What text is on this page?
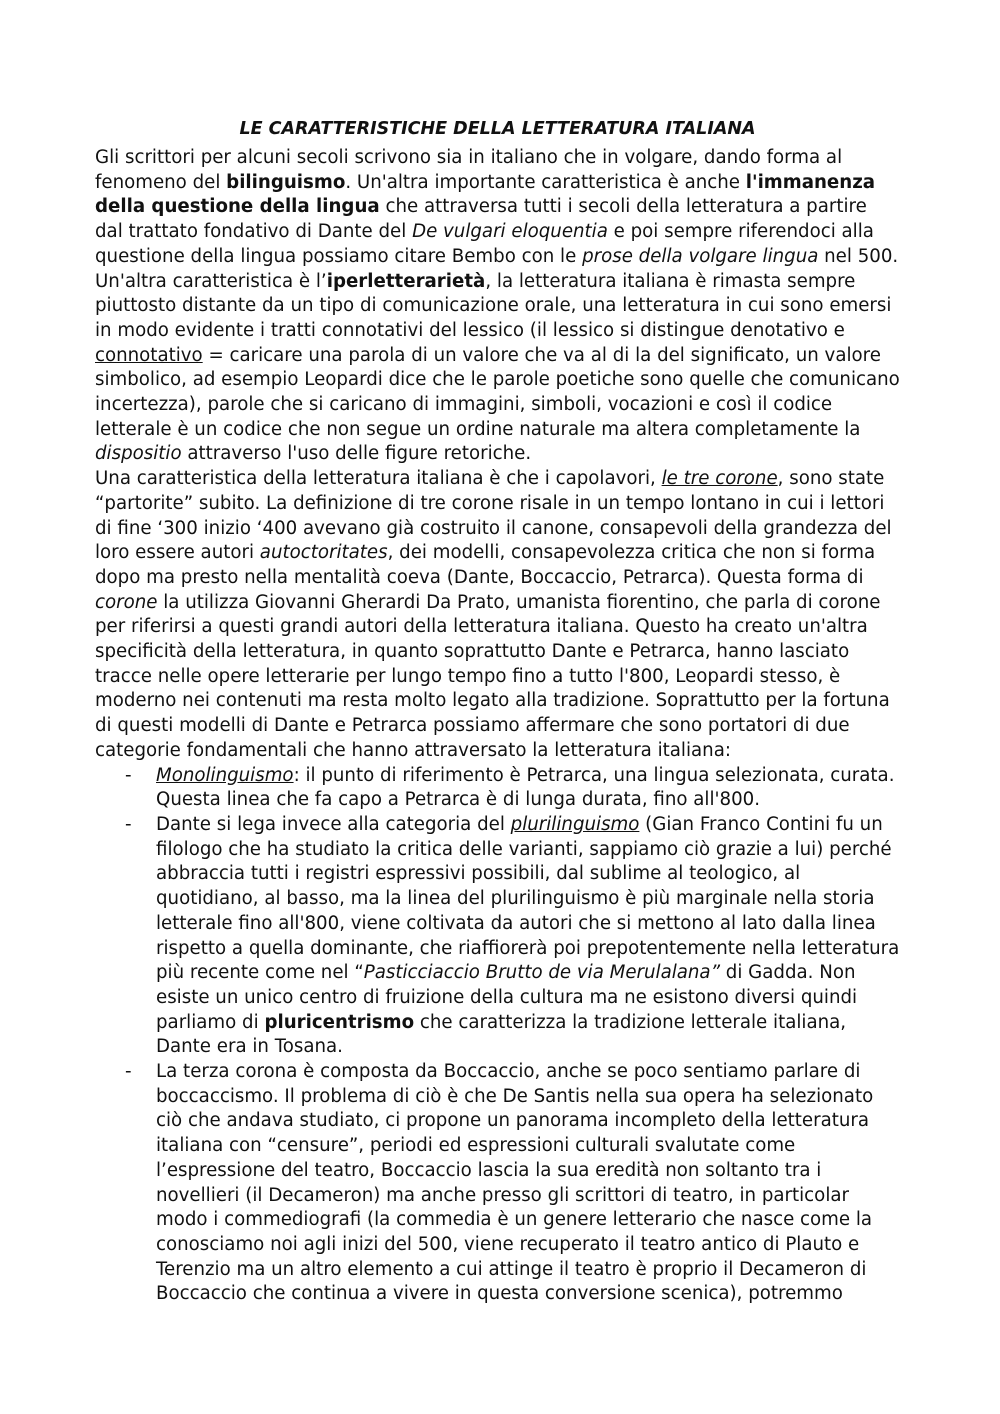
LE CARATTERISTICHE DELLA LETTERATURA ITALIANA

Gli scrittori per alcuni secoli scrivono sia in italiano che in volgare, dando forma al fenomeno del bilinguismo. Un'altra importante caratteristica è anche l'immanenza della questione della lingua che attraversa tutti i secoli della letteratura a partire dal trattato fondativo di Dante del De vulgari eloquentia e poi sempre riferendoci alla questione della lingua possiamo citare Bembo con le prose della volgare lingua nel 500. Un'altra caratteristica è l’iperletterarietà, la letteratura italiana è rimasta sempre piuttosto distante da un tipo di comunicazione orale, una letteratura in cui sono emersi in modo evidente i tratti connotativi del lessico (il lessico si distingue denotativo e connotativo = caricare una parola di un valore che va al di la del significato, un valore simbolico, ad esempio Leopardi dice che le parole poetiche sono quelle che comunicano incertezza), parole che si caricano di immagini, simboli, vocazioni e così il codice letterale è un codice che non segue un ordine naturale ma altera completamente la dispositio attraverso l'uso delle figure retoriche.

Una caratteristica della letteratura italiana è che i capolavori, le tre corone, sono state “partorite” subito. La definizione di tre corone risale in un tempo lontano in cui i lettori di fine ‘300 inizio ‘400 avevano già costruito il canone, consapevoli della grandezza del loro essere autori autoctoritates, dei modelli, consapevolezza critica che non si forma dopo ma presto nella mentalità coeva (Dante, Boccaccio, Petrarca). Questa forma di corone la utilizza Giovanni Gherardi Da Prato, umanista fiorentino, che parla di corone per riferirsi a questi grandi autori della letteratura italiana. Questo ha creato un'altra specificità della letteratura, in quanto soprattutto Dante e Petrarca, hanno lasciato tracce nelle opere letterarie per lungo tempo fino a tutto l'800, Leopardi stesso, è moderno nei contenuti ma resta molto legato alla tradizione. Soprattutto per la fortuna di questi modelli di Dante e Petrarca possiamo affermare che sono portatori di due categorie fondamentali che hanno attraversato la letteratura italiana:

- Monolinguismo: il punto di riferimento è Petrarca, una lingua selezionata, curata. Questa linea che fa capo a Petrarca è di lunga durata, fino all'800.
- Dante si lega invece alla categoria del plurilinguismo (Gian Franco Contini fu un filologo che ha studiato la critica delle varianti, sappiamo ciò grazie a lui) perché abbraccia tutti i registri espressivi possibili, dal sublime al teologico, al quotidiano, al basso, ma la linea del plurilinguismo è più marginale nella storia letterale fino all'800, viene coltivata da autori che si mettono al lato dalla linea rispetto a quella dominante, che riaffiorerà poi prepotentemente nella letteratura più recente come nel “Pasticciaccio Brutto de via Merulalana” di Gadda. Non esiste un unico centro di fruizione della cultura ma ne esistono diversi quindi parliamo di pluricentrismo che caratterizza la tradizione letterale italiana, Dante era in Tosana.
- La terza corona è composta da Boccaccio, anche se poco sentiamo parlare di boccaccismo. Il problema di ciò è che De Santis nella sua opera ha selezionato ciò che andava studiato, ci propone un panorama incompleto della letteratura italiana con “censure”, periodi ed espressioni culturali svalutate come l’espressione del teatro, Boccaccio lascia la sua eredità non soltanto tra i novellieri (il Decameron) ma anche presso gli scrittori di teatro, in particolar modo i commediografi (la commedia è un genere letterario che nasce come la conosciamo noi agli inizi del 500, viene recuperato il teatro antico di Plauto e Terenzio ma un altro elemento a cui attinge il teatro è proprio il Decameron di Boccaccio che continua a vivere in questa conversione scenica), potremmo
